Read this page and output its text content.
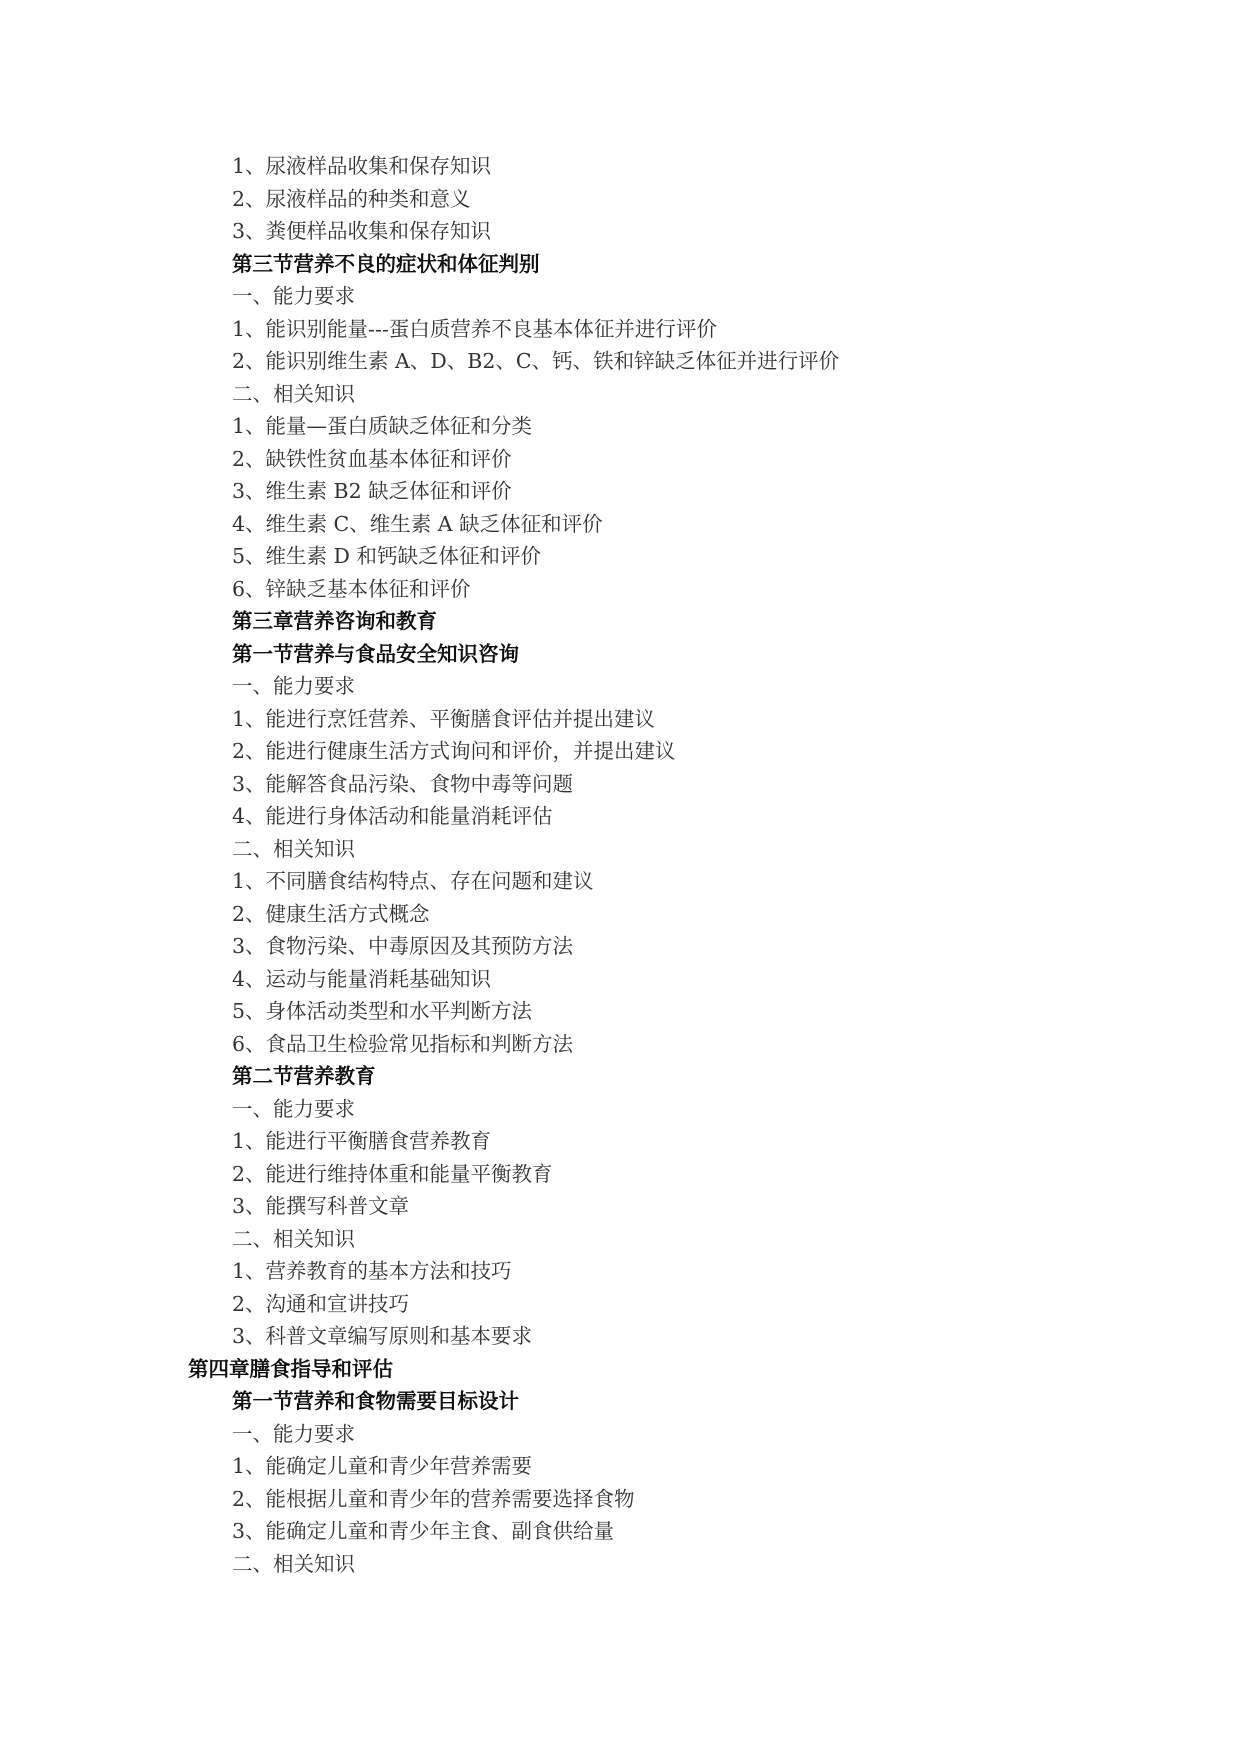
1、尿液样品收集和保存知识
2、尿液样品的种类和意义
3、粪便样品收集和保存知识
第三节营养不良的症状和体征判别
一、能力要求
1、能识别能量---蛋白质营养不良基本体征并进行评价
2、能识别维生素 A、D、B2、C、钙、铁和锌缺乏体征并进行评价
二、相关知识
1、能量—蛋白质缺乏体征和分类
2、缺铁性贫血基本体征和评价
3、维生素 B2 缺乏体征和评价
4、维生素 C、维生素 A 缺乏体征和评价
5、维生素 D 和钙缺乏体征和评价
6、锌缺乏基本体征和评价
第三章营养咨询和教育
第一节营养与食品安全知识咨询
一、能力要求
1、能进行烹饪营养、平衡膳食评估并提出建议
2、能进行健康生活方式询问和评价，并提出建议
3、能解答食品污染、食物中毒等问题
4、能进行身体活动和能量消耗评估
二、相关知识
1、不同膳食结构特点、存在问题和建议
2、健康生活方式概念
3、食物污染、中毒原因及其预防方法
4、运动与能量消耗基础知识
5、身体活动类型和水平判断方法
6、食品卫生检验常见指标和判断方法
第二节营养教育
一、能力要求
1、能进行平衡膳食营养教育
2、能进行维持体重和能量平衡教育
3、能撰写科普文章
二、相关知识
1、营养教育的基本方法和技巧
2、沟通和宣讲技巧
3、科普文章编写原则和基本要求
第四章膳食指导和评估
第一节营养和食物需要目标设计
一、能力要求
1、能确定儿童和青少年营养需要
2、能根据儿童和青少年的营养需要选择食物
3、能确定儿童和青少年主食、副食供给量
二、相关知识
